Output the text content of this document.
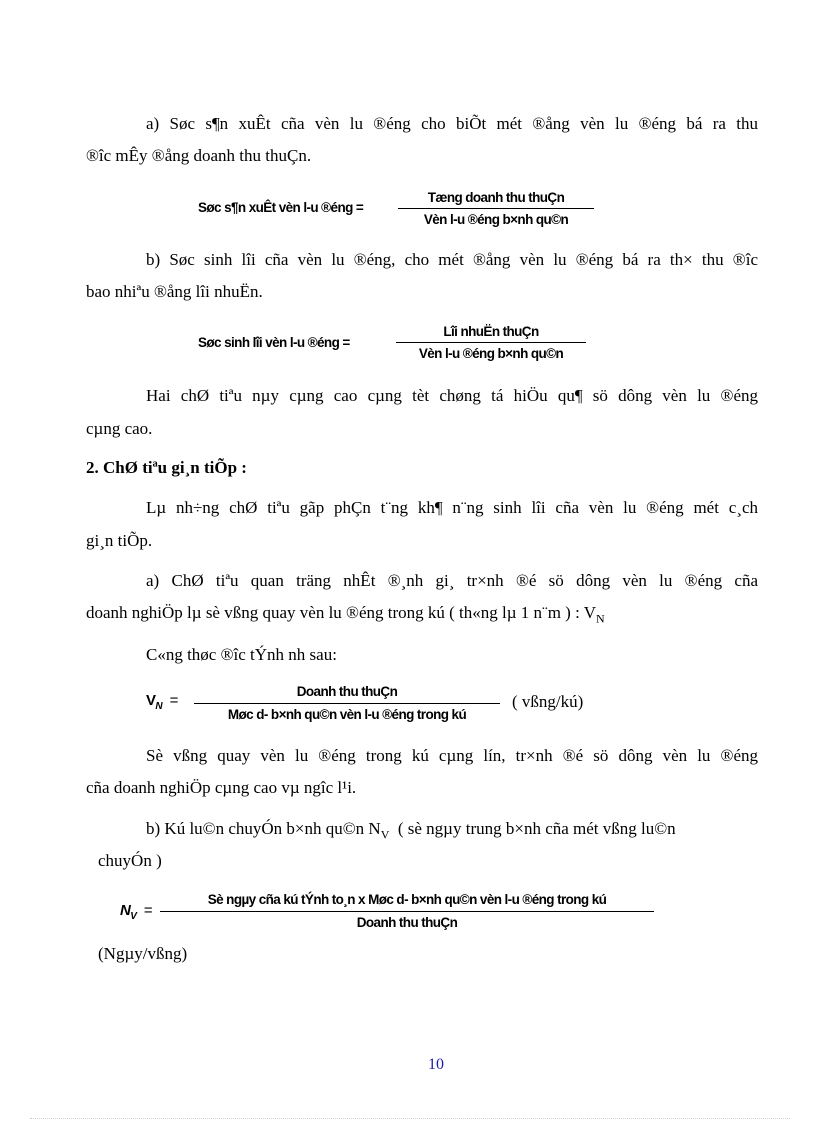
a) Søc s¶n xuÊt cña vèn lu ®éng cho biÕt mét ®ång vèn lu ®éng bá ra thu
®îc mÊy ®ång doanh thu thuÇn.
Søc s¶n xuÊt vèn l-u ®éng =
Tæng doanh thu thuÇn
Vèn l-u ®éng b×nh qu©n
b) Søc sinh lîi cña vèn lu ®éng, cho mét ®ång vèn lu ®éng bá ra th× thu ®îc
bao nhiªu ®ång lîi nhuËn.
Søc sinh lîi vèn l-u ®éng =
Lîi nhuËn thuÇn
Vèn l-u ®éng b×nh qu©n
Hai chØ tiªu nµy cµng cao cµng tèt chøng tá hiÖu qu¶ sö dông vèn lu ®éng
cµng cao.
2. ChØ tiªu gi¸n tiÕp :
Lµ nh÷ng chØ tiªu gãp phÇn t¨ng kh¶ n¨ng sinh lîi cña vèn lu ®éng mét c¸ch
gi¸n tiÕp.
a) ChØ tiªu quan träng nhÊt ®¸nh gi¸ tr×nh ®é sö dông vèn lu ®éng cña
doanh nghiÖp lµ sè vßng quay vèn lu ®éng trong kú ( th«ng lµ 1 n¨m ) : $V_N$
C«ng thøc ®îc tÝnh nh sau:
$V_N$ =
Doanh thu thuÇn
Møc d- b×nh qu©n vèn l-u ®éng trong kú
( vßng/kú)
Sè vßng quay vèn lu ®éng trong kú cµng lín, tr×nh ®é sö dông vèn lu ®éng
cña doanh nghiÖp cµng cao vµ ngîc l¹i.
b) Kú lu©n chuyÓn b×nh qu©n $N_V$  ( sè ngµy trung b×nh cña mét vßng lu©n
chuyÓn )
$N_V$ =
Sè ngµy cña kú tÝnh to¸n x Møc d- b×nh qu©n vèn l-u ®éng trong kú
Doanh thu thuÇn
(Ngµy/vßng)
10
